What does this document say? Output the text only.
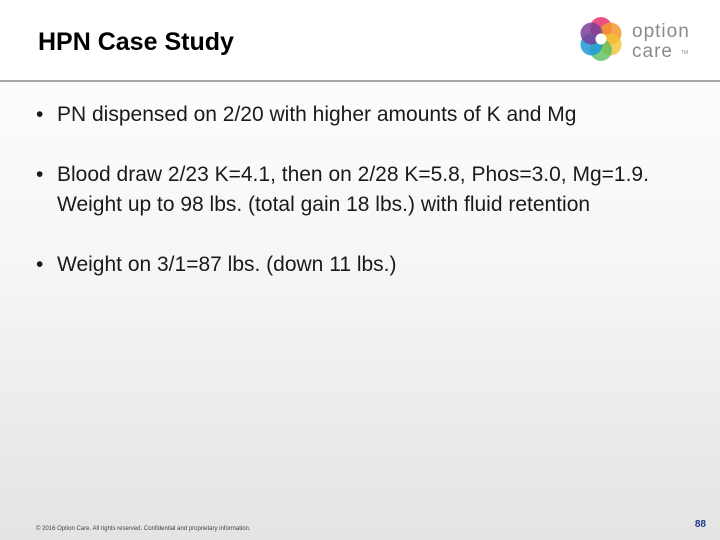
HPN Case Study	option
care TM
• PN dispensed on 2/20 with higher amounts of K and Mg
• Blood draw 2/23 K=4.1, then on 2/28 K=5.8, Phos=3.0, Mg=1.9. Weight up to 98 lbs. (total gain 18 lbs.) with fluid retention
• Weight on 3/1=87 lbs. (down 11 lbs.)
© 2016 Option Care. All rights reserved. Confidential and proprietary information.	88
